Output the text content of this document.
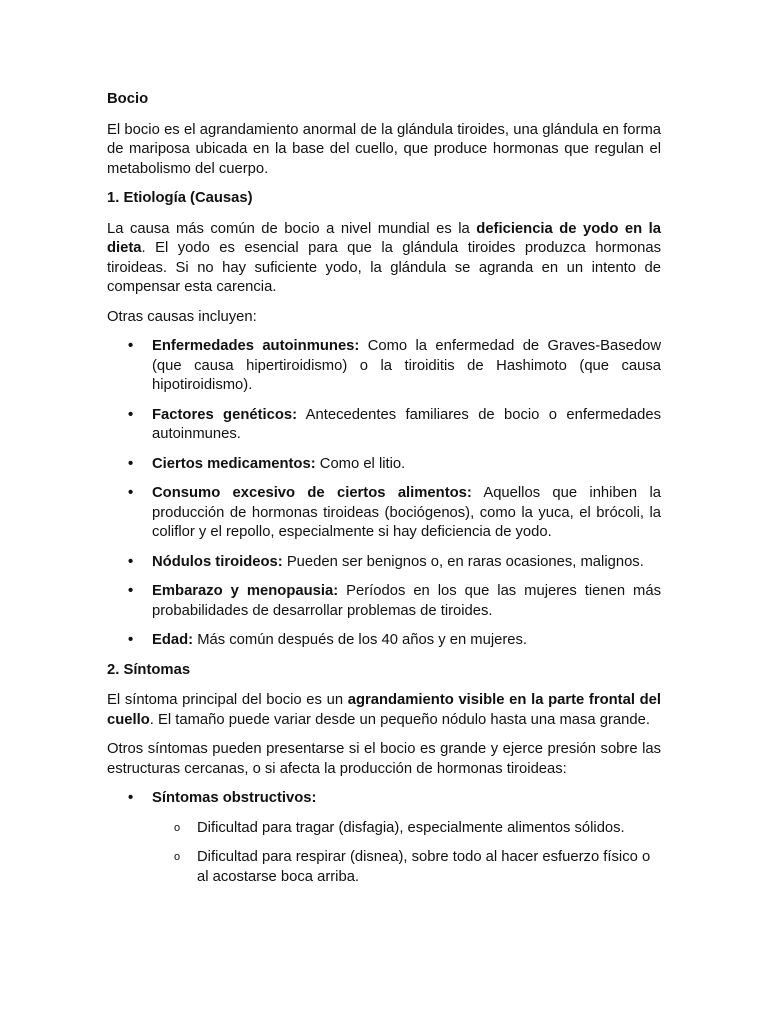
Bocio

El bocio es el agrandamiento anormal de la glándula tiroides, una glándula en forma de mariposa ubicada en la base del cuello, que produce hormonas que regulan el metabolismo del cuerpo.

1. Etiología (Causas)

La causa más común de bocio a nivel mundial es la deficiencia de yodo en la dieta. El yodo es esencial para que la glándula tiroides produzca hormonas tiroideas. Si no hay suficiente yodo, la glándula se agranda en un intento de compensar esta carencia.

Otras causas incluyen:

• Enfermedades autoinmunes: Como la enfermedad de Graves-Basedow (que causa hipertiroidismo) o la tiroiditis de Hashimoto (que causa hipotiroidismo).
• Factores genéticos: Antecedentes familiares de bocio o enfermedades autoinmunes.
• Ciertos medicamentos: Como el litio.
• Consumo excesivo de ciertos alimentos: Aquellos que inhiben la producción de hormonas tiroideas (bociógenos), como la yuca, el brócoli, la coliflor y el repollo, especialmente si hay deficiencia de yodo.
• Nódulos tiroideos: Pueden ser benignos o, en raras ocasiones, malignos.
• Embarazo y menopausia: Períodos en los que las mujeres tienen más probabilidades de desarrollar problemas de tiroides.
• Edad: Más común después de los 40 años y en mujeres.
2. Síntomas

El síntoma principal del bocio es un agrandamiento visible en la parte frontal del cuello. El tamaño puede variar desde un pequeño nódulo hasta una masa grande.

Otros síntomas pueden presentarse si el bocio es grande y ejerce presión sobre las estructuras cercanas, o si afecta la producción de hormonas tiroideas:

• Síntomas obstructivos:
o Dificultad para tragar (disfagia), especialmente alimentos sólidos.
o Dificultad para respirar (disnea), sobre todo al hacer esfuerzo físico o al acostarse boca arriba.
